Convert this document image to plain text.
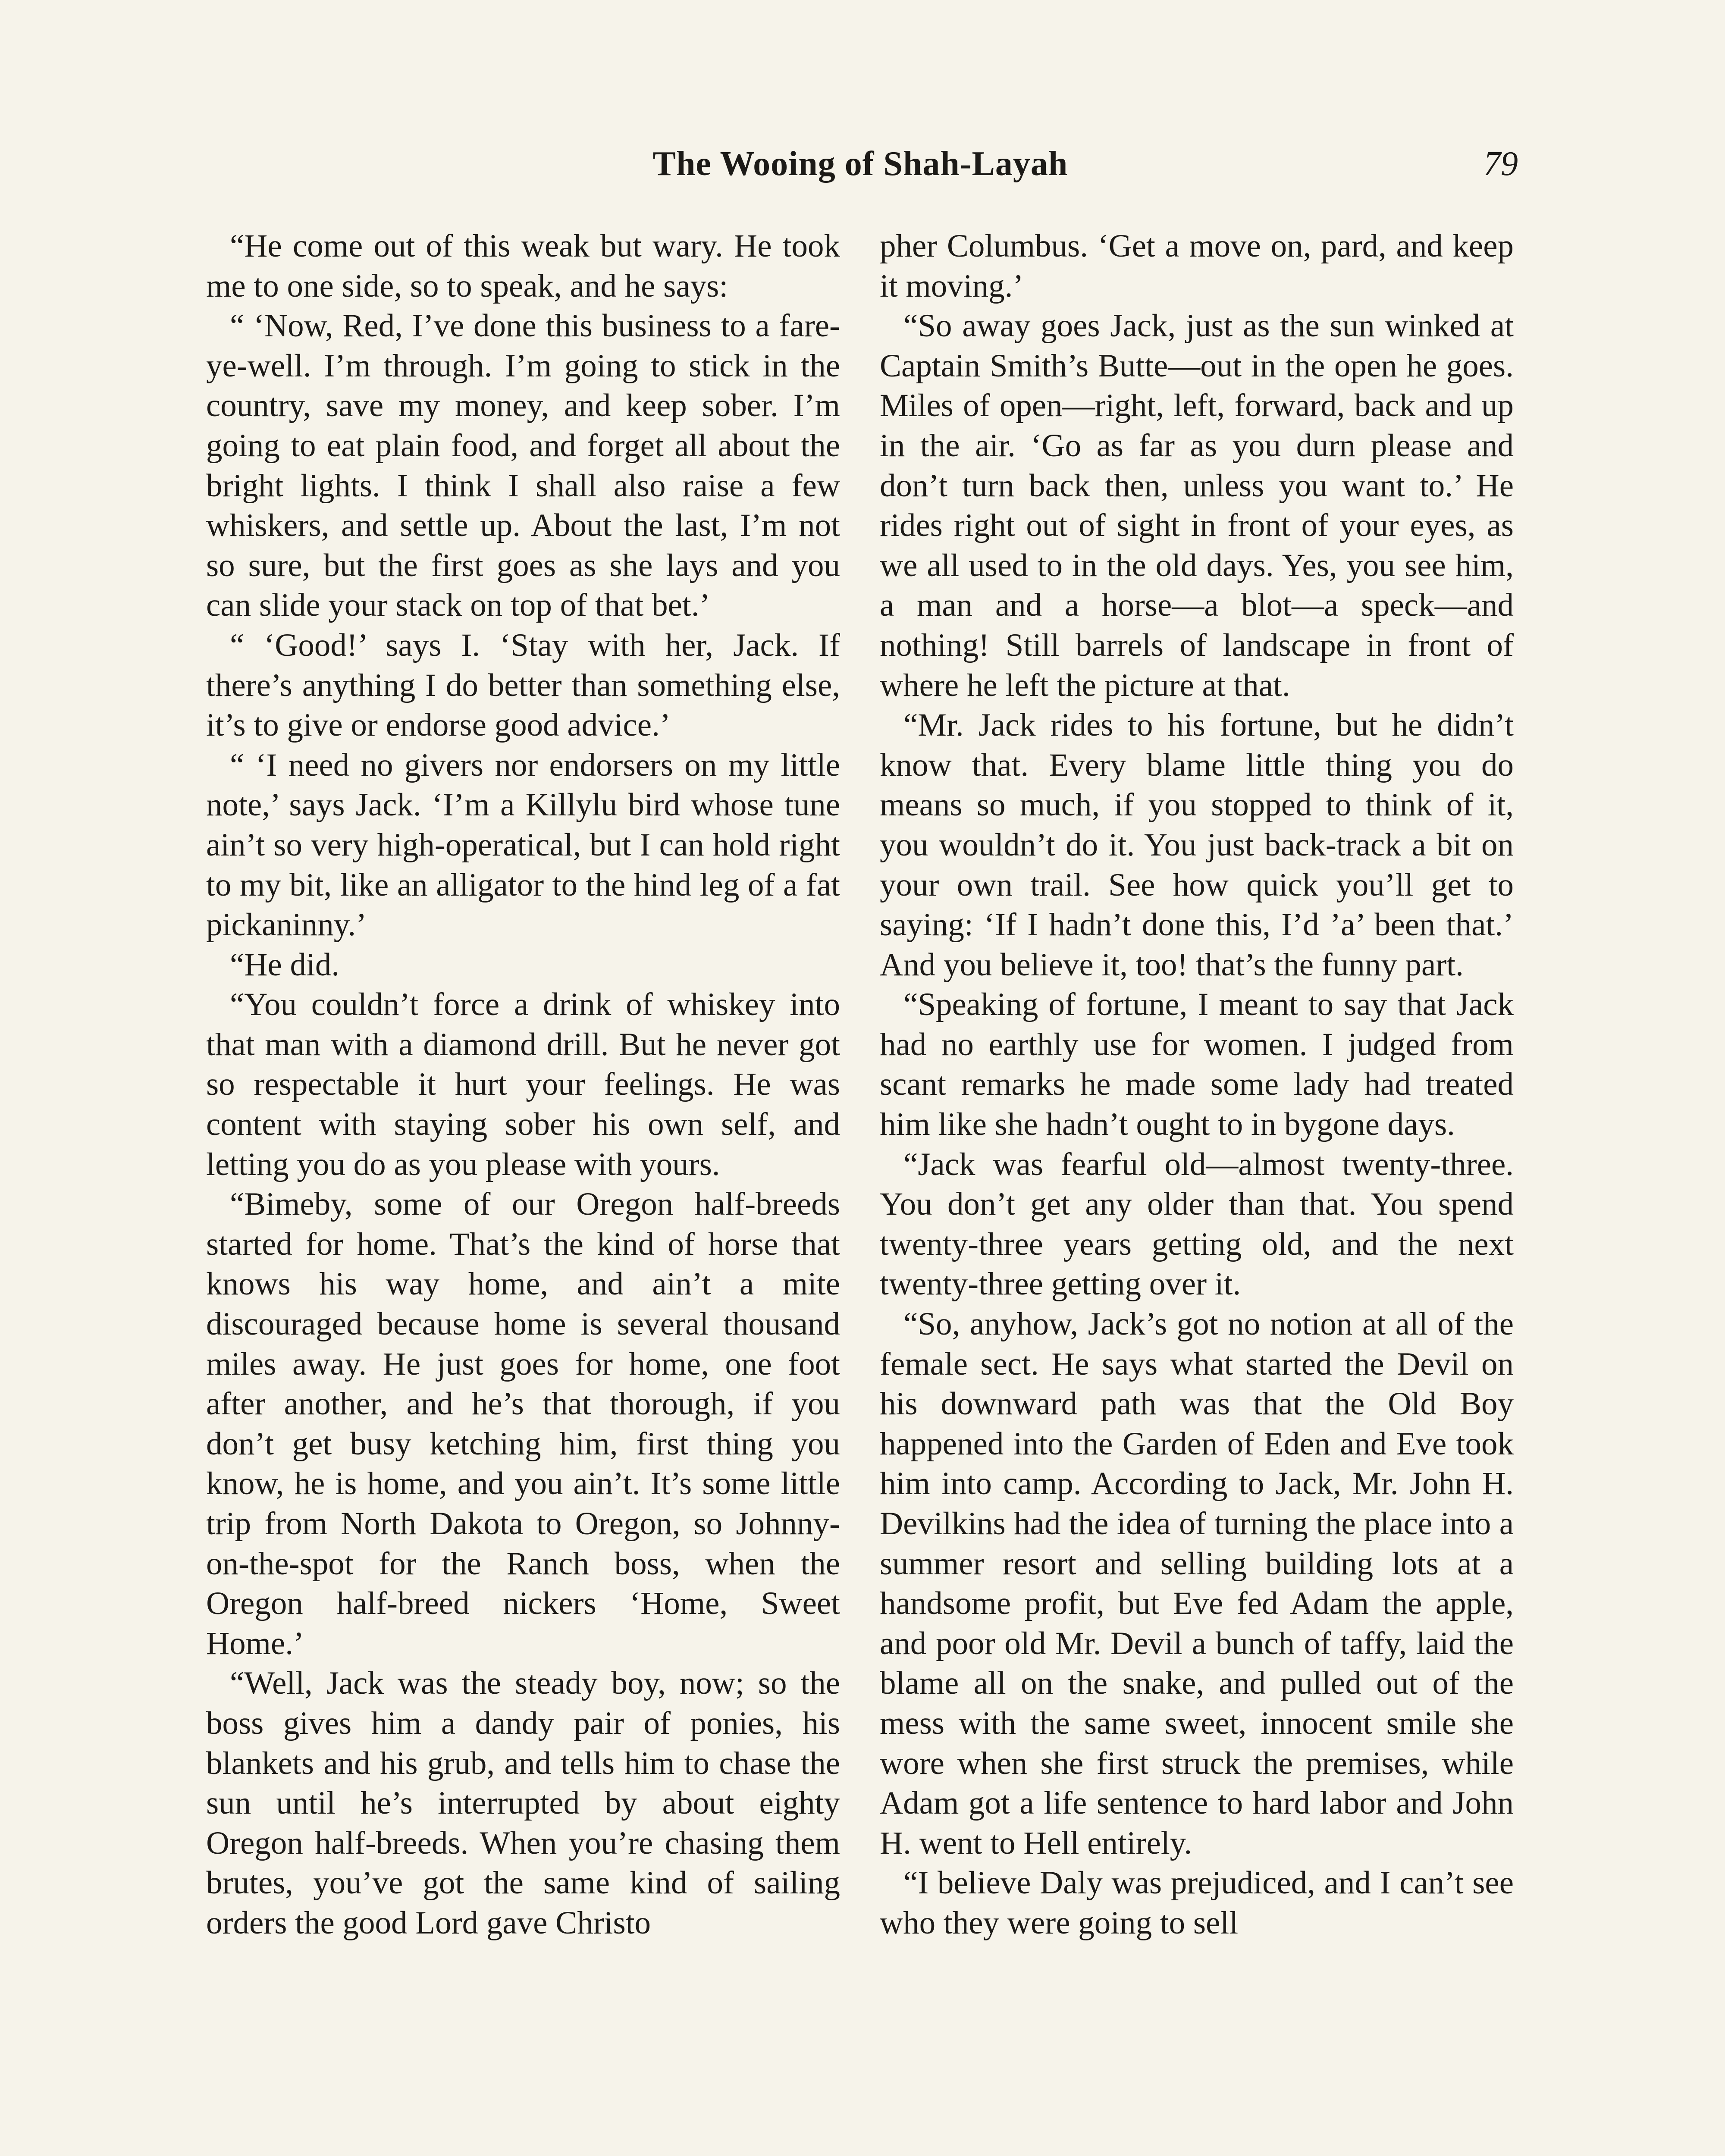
The Wooing of Shah-Layah	79

“He come out of this weak but wary. He took me to one side, so to speak, and he says:

“ ‘Now, Red, I’ve done this business to a fare-ye-well. I’m through. I’m going to stick in the country, save my money, and keep sober. I’m going to eat plain food, and forget all about the bright lights. I think I shall also raise a few whiskers, and settle up. About the last, I’m not so sure, but the first goes as she lays and you can slide your stack on top of that bet.’

“ ‘Good!’ says I. ‘Stay with her, Jack. If there’s anything I do better than something else, it’s to give or endorse good advice.’

“ ‘I need no givers nor endorsers on my little note,’ says Jack. ‘I’m a Killylu bird whose tune ain’t so very high-operatical, but I can hold right to my bit, like an alligator to the hind leg of a fat pickaninny.’

“He did.

“You couldn’t force a drink of whiskey into that man with a diamond drill. But he never got so respectable it hurt your feelings. He was content with staying sober his own self, and letting you do as you please with yours.

“Bimeby, some of our Oregon half-breeds started for home. That’s the kind of horse that knows his way home, and ain’t a mite discouraged because home is several thousand miles away. He just goes for home, one foot after another, and he’s that thorough, if you don’t get busy ketching him, first thing you know, he is home, and you ain’t. It’s some little trip from North Dakota to Oregon, so Johnny-on-the-spot for the Ranch boss, when the Oregon half-breed nickers ‘Home, Sweet Home.’

“Well, Jack was the steady boy, now; so the boss gives him a dandy pair of ponies, his blankets and his grub, and tells him to chase the sun until he’s interrupted by about eighty Oregon half-breeds. When you’re chasing them brutes, you’ve got the same kind of sailing orders the good Lord gave Christo

pher Columbus. ‘Get a move on, pard, and keep it moving.’

“So away goes Jack, just as the sun winked at Captain Smith’s Butte—out in the open he goes. Miles of open—right, left, forward, back and up in the air. ‘Go as far as you durn please and don’t turn back then, unless you want to.’ He rides right out of sight in front of your eyes, as we all used to in the old days. Yes, you see him, a man and a horse—a blot—a speck—and nothing! Still barrels of landscape in front of where he left the picture at that.

“Mr. Jack rides to his fortune, but he didn’t know that. Every blame little thing you do means so much, if you stopped to think of it, you wouldn’t do it. You just back-track a bit on your own trail. See how quick you’ll get to saying: ‘If I hadn’t done this, I’d ’a’ been that.’ And you believe it, too! that’s the funny part.

“Speaking of fortune, I meant to say that Jack had no earthly use for women. I judged from scant remarks he made some lady had treated him like she hadn’t ought to in bygone days.

“Jack was fearful old—almost twenty-three. You don’t get any older than that. You spend twenty-three years getting old, and the next twenty-three getting over it.

“So, anyhow, Jack’s got no notion at all of the female sect. He says what started the Devil on his downward path was that the Old Boy happened into the Garden of Eden and Eve took him into camp. According to Jack, Mr. John H. Devilkins had the idea of turning the place into a summer resort and selling building lots at a handsome profit, but Eve fed Adam the apple, and poor old Mr. Devil a bunch of taffy, laid the blame all on the snake, and pulled out of the mess with the same sweet, innocent smile she wore when she first struck the premises, while Adam got a life sentence to hard labor and John H. went to Hell entirely.

“I believe Daly was prejudiced, and I can’t see who they were going to sell
